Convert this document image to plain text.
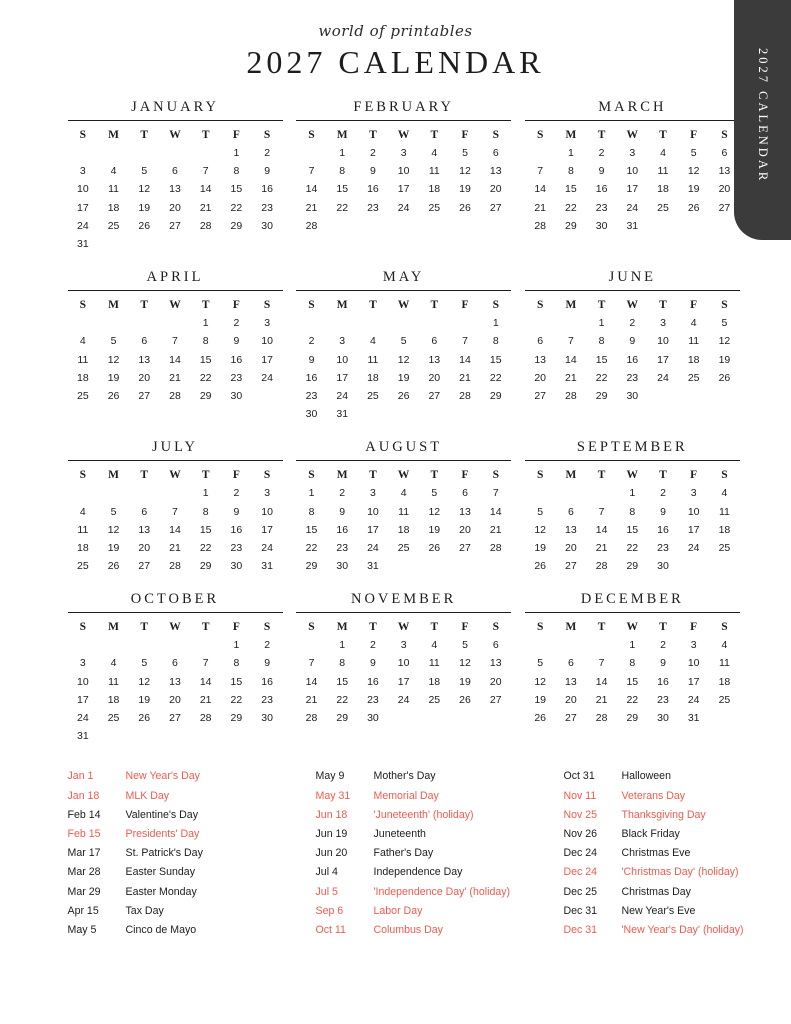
2027 CALENDAR
world of printables
2027 CALENDAR
JANUARY
S	M	T	W	T	F	S
					1	2
3	4	5	6	7	8	9
10	11	12	13	14	15	16
17	18	19	20	21	22	23
24	25	26	27	28	29	30
31						
FEBRUARY
S	M	T	W	T	F	S
	1	2	3	4	5	6
7	8	9	10	11	12	13
14	15	16	17	18	19	20
21	22	23	24	25	26	27
28						
MARCH
S	M	T	W	T	F	S
	1	2	3	4	5	6
7	8	9	10	11	12	13
14	15	16	17	18	19	20
21	22	23	24	25	26	27
28	29	30	31			
APRIL
S	M	T	W	T	F	S
				1	2	3
4	5	6	7	8	9	10
11	12	13	14	15	16	17
18	19	20	21	22	23	24
25	26	27	28	29	30	
MAY
S	M	T	W	T	F	S
						1
2	3	4	5	6	7	8
9	10	11	12	13	14	15
16	17	18	19	20	21	22
23	24	25	26	27	28	29
30	31					
JUNE
S	M	T	W	T	F	S
		1	2	3	4	5
6	7	8	9	10	11	12
13	14	15	16	17	18	19
20	21	22	23	24	25	26
27	28	29	30			
JULY
S	M	T	W	T	F	S
				1	2	3
4	5	6	7	8	9	10
11	12	13	14	15	16	17
18	19	20	21	22	23	24
25	26	27	28	29	30	31
AUGUST
S	M	T	W	T	F	S
1	2	3	4	5	6	7
8	9	10	11	12	13	14
15	16	17	18	19	20	21
22	23	24	25	26	27	28
29	30	31				
SEPTEMBER
S	M	T	W	T	F	S
			1	2	3	4
5	6	7	8	9	10	11
12	13	14	15	16	17	18
19	20	21	22	23	24	25
26	27	28	29	30		
OCTOBER
S	M	T	W	T	F	S
					1	2
3	4	5	6	7	8	9
10	11	12	13	14	15	16
17	18	19	20	21	22	23
24	25	26	27	28	29	30
31						
NOVEMBER
S	M	T	W	T	F	S
	1	2	3	4	5	6
7	8	9	10	11	12	13
14	15	16	17	18	19	20
21	22	23	24	25	26	27
28	29	30				
DECEMBER
S	M	T	W	T	F	S
			1	2	3	4
5	6	7	8	9	10	11
12	13	14	15	16	17	18
19	20	21	22	23	24	25
26	27	28	29	30	31	
Jan 1	New Year's Day
Jan 18	MLK Day
Feb 14	Valentine's Day
Feb 15	Presidents' Day
Mar 17	St. Patrick's Day
Mar 28	Easter Sunday
Mar 29	Easter Monday
Apr 15	Tax Day
May 5	Cinco de Mayo
May 9	Mother's Day
May 31	Memorial Day
Jun 18	'Juneteenth' (holiday)
Jun 19	Juneteenth
Jun 20	Father's Day
Jul 4	Independence Day
Jul 5	'Independence Day' (holiday)
Sep 6	Labor Day
Oct 11	Columbus Day
Oct 31	Halloween
Nov 11	Veterans Day
Nov 25	Thanksgiving Day
Nov 26	Black Friday
Dec 24	Christmas Eve
Dec 24	'Christmas Day' (holiday)
Dec 25	Christmas Day
Dec 31	New Year's Eve
Dec 31	'New Year's Day' (holiday)
